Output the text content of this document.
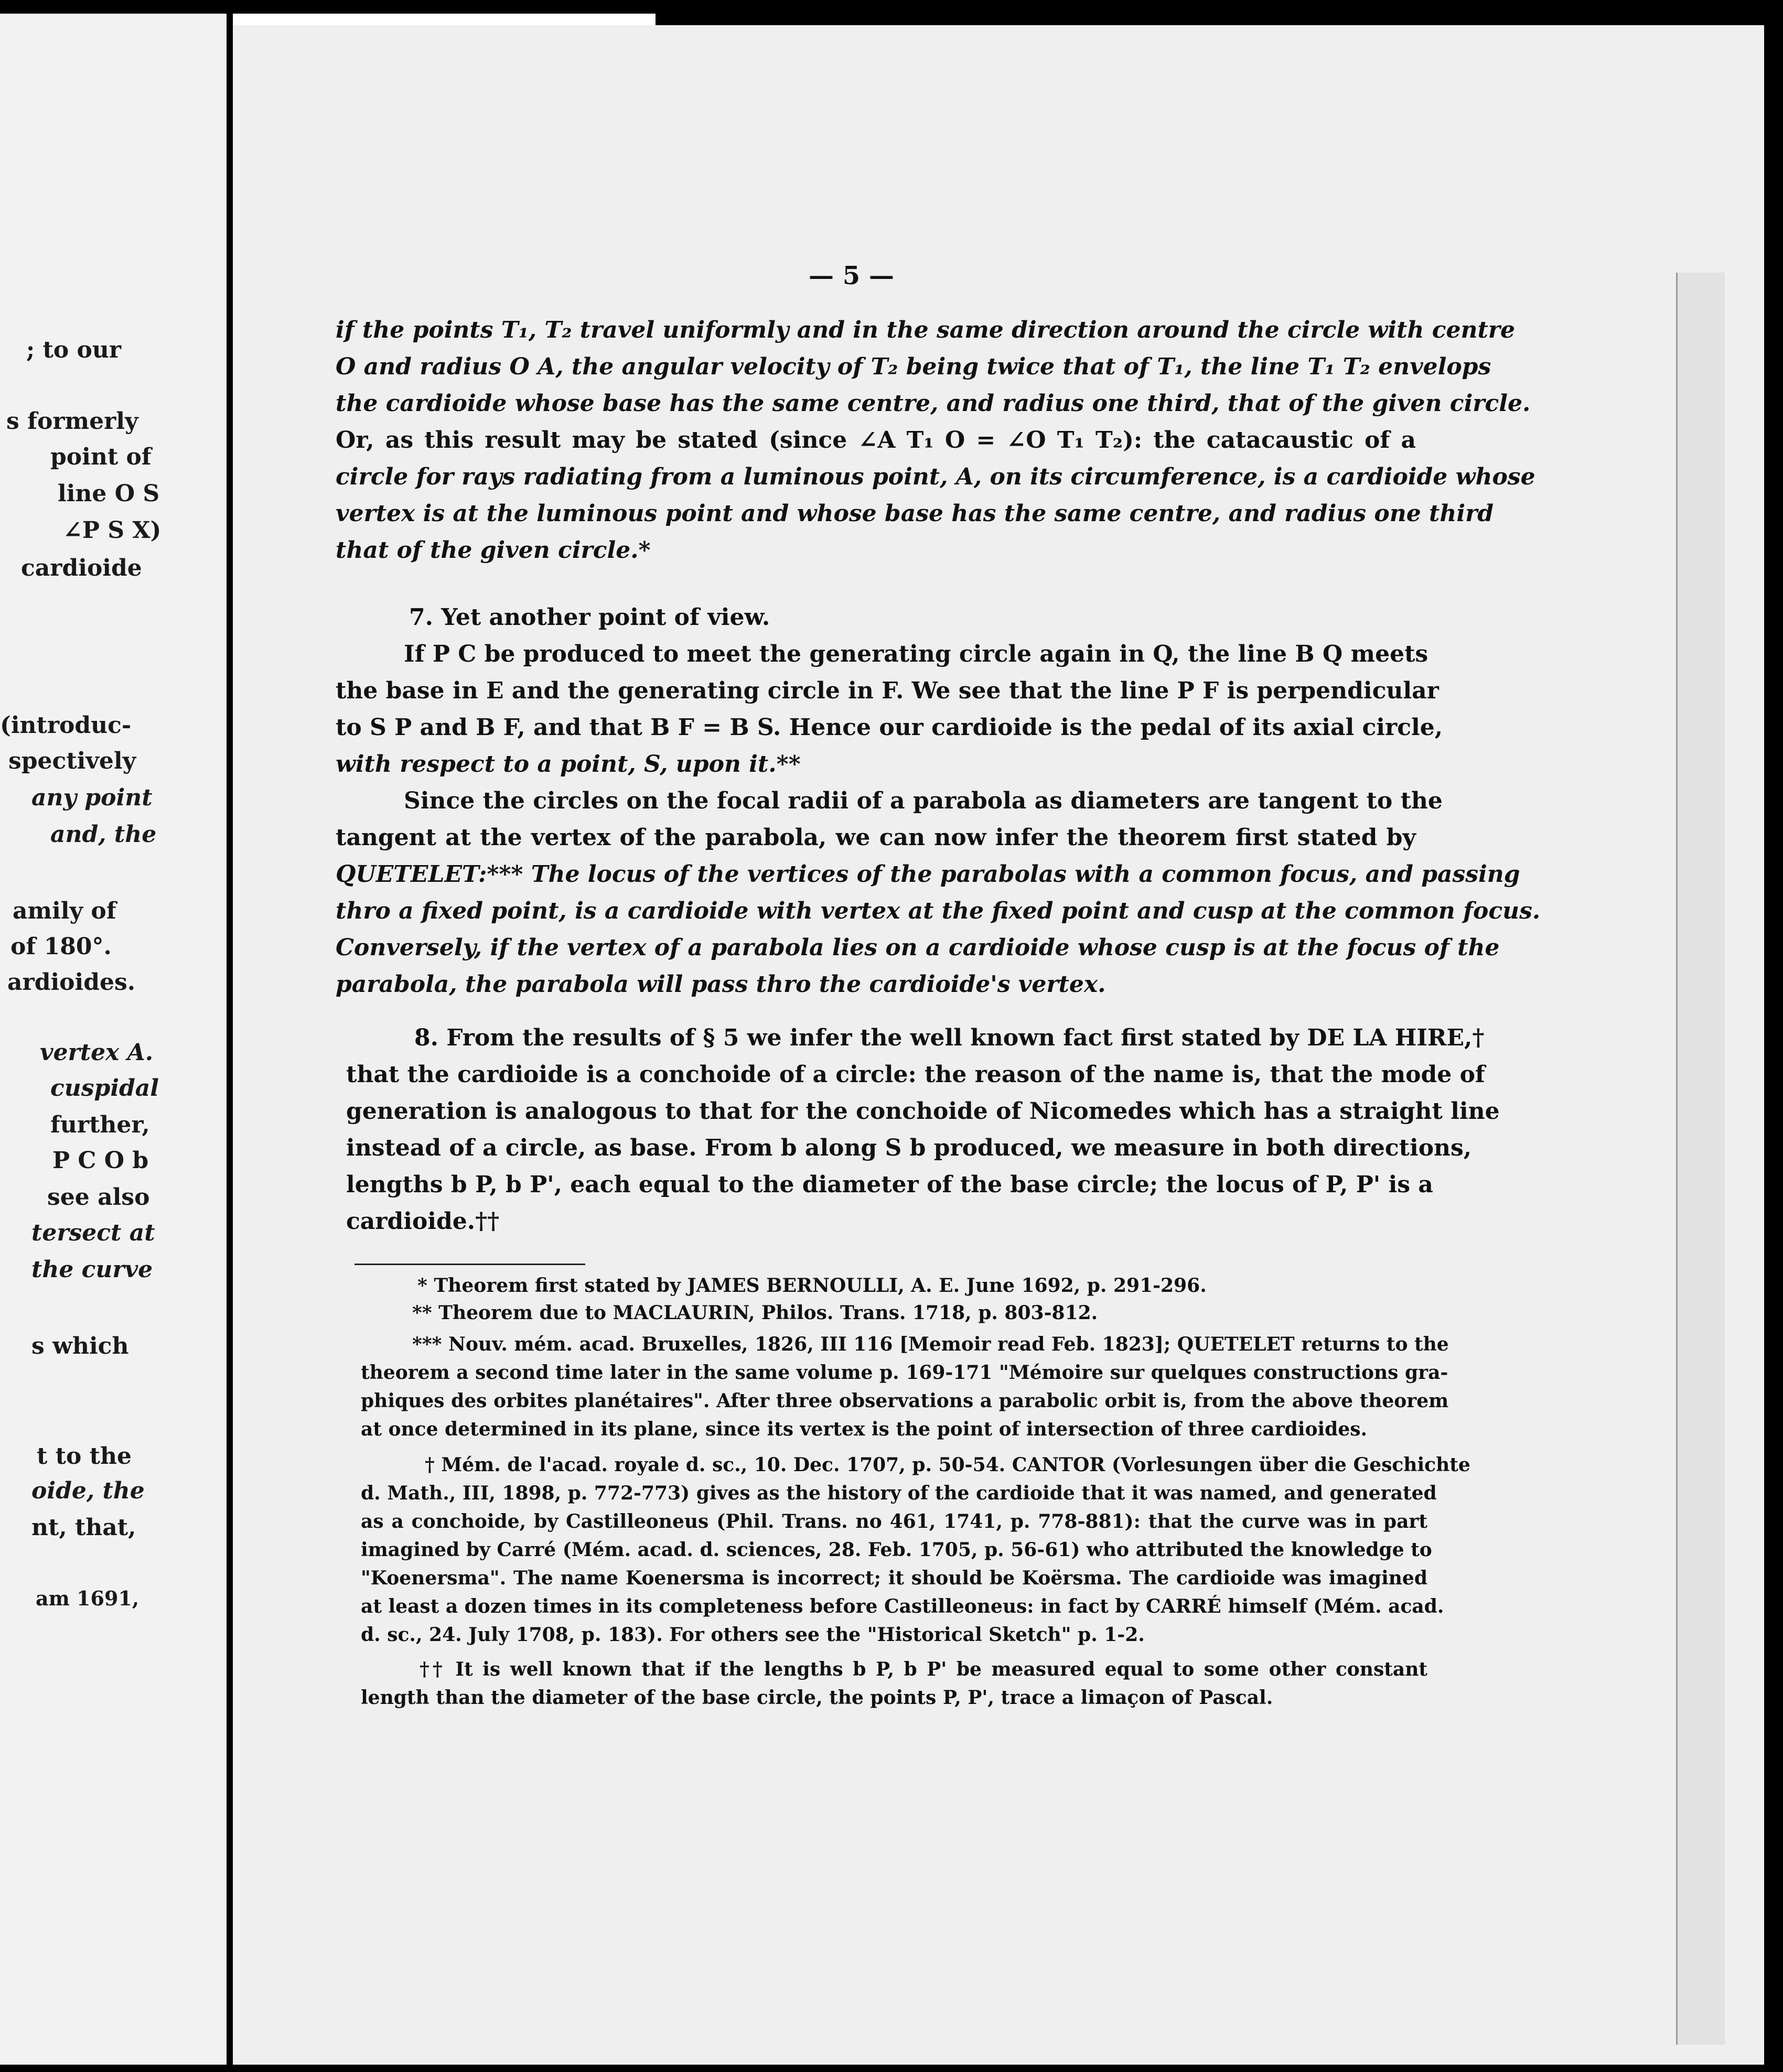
; to our
s formerly
point of
line O S
∠P S X)
cardioide
(introduc-
spectively
any point
and, the
amily of
of 180°.
ardioides.
vertex A.
cuspidal
further,
P C O b
see also
tersect at
the curve
s which
t to the
oide, the
nt, that,
am 1691,
— 5 —
if the points T₁, T₂ travel uniformly and in the same direction around the circle with centre
O and radius O A, the angular velocity of T₂ being twice that of T₁, the line T₁ T₂ envelops
the cardioide whose base has the same centre, and radius one third, that of the given circle.
Or, as this result may be stated (since ∠A T₁ O = ∠O T₁ T₂): the catacaustic of a
circle for rays radiating from a luminous point, A, on its circumference, is a cardioide whose
vertex is at the luminous point and whose base has the same centre, and radius one third
that of the given circle.*
7. Yet another point of view.
If P C be produced to meet the generating circle again in Q, the line B Q meets
the base in E and the generating circle in F. We see that the line P F is perpendicular
to S P and B F, and that B F = B S. Hence our cardioide is the pedal of its axial circle,
with respect to a point, S, upon it.**
Since the circles on the focal radii of a parabola as diameters are tangent to the
tangent at the vertex of the parabola, we can now infer the theorem first stated by
QUETELET:*** The locus of the vertices of the parabolas with a common focus, and passing
thro a fixed point, is a cardioide with vertex at the fixed point and cusp at the common focus.
Conversely, if the vertex of a parabola lies on a cardioide whose cusp is at the focus of the
parabola, the parabola will pass thro the cardioide's vertex.
8. From the results of § 5 we infer the well known fact first stated by DE LA HIRE,†
that the cardioide is a conchoide of a circle: the reason of the name is, that the mode of
generation is analogous to that for the conchoide of Nicomedes which has a straight line
instead of a circle, as base. From b along S b produced, we measure in both directions,
lengths b P, b P', each equal to the diameter of the base circle; the locus of P, P' is a
cardioide.††
* Theorem first stated by JAMES BERNOULLI, A. E. June 1692, p. 291-296.
** Theorem due to MACLAURIN, Philos. Trans. 1718, p. 803-812.
*** Nouv. mém. acad. Bruxelles, 1826, III 116 [Memoir read Feb. 1823]; QUETELET returns to the
theorem a second time later in the same volume p. 169-171 "Mémoire sur quelques constructions gra-
phiques des orbites planétaires". After three observations a parabolic orbit is, from the above theorem
at once determined in its plane, since its vertex is the point of intersection of three cardioides.
† Mém. de l'acad. royale d. sc., 10. Dec. 1707, p. 50-54. CANTOR (Vorlesungen über die Geschichte
d. Math., III, 1898, p. 772-773) gives as the history of the cardioide that it was named, and generated
as a conchoide, by Castilleoneus (Phil. Trans. no 461, 1741, p. 778-881): that the curve was in part
imagined by Carré (Mém. acad. d. sciences, 28. Feb. 1705, p. 56-61) who attributed the knowledge to
"Koenersma". The name Koenersma is incorrect; it should be Koërsma. The cardioide was imagined
at least a dozen times in its completeness before Castilleoneus: in fact by CARRÉ himself (Mém. acad.
d. sc., 24. July 1708, p. 183). For others see the "Historical Sketch" p. 1-2.
†† It is well known that if the lengths b P, b P' be measured equal to some other constant
length than the diameter of the base circle, the points P, P', trace a limaçon of Pascal.
